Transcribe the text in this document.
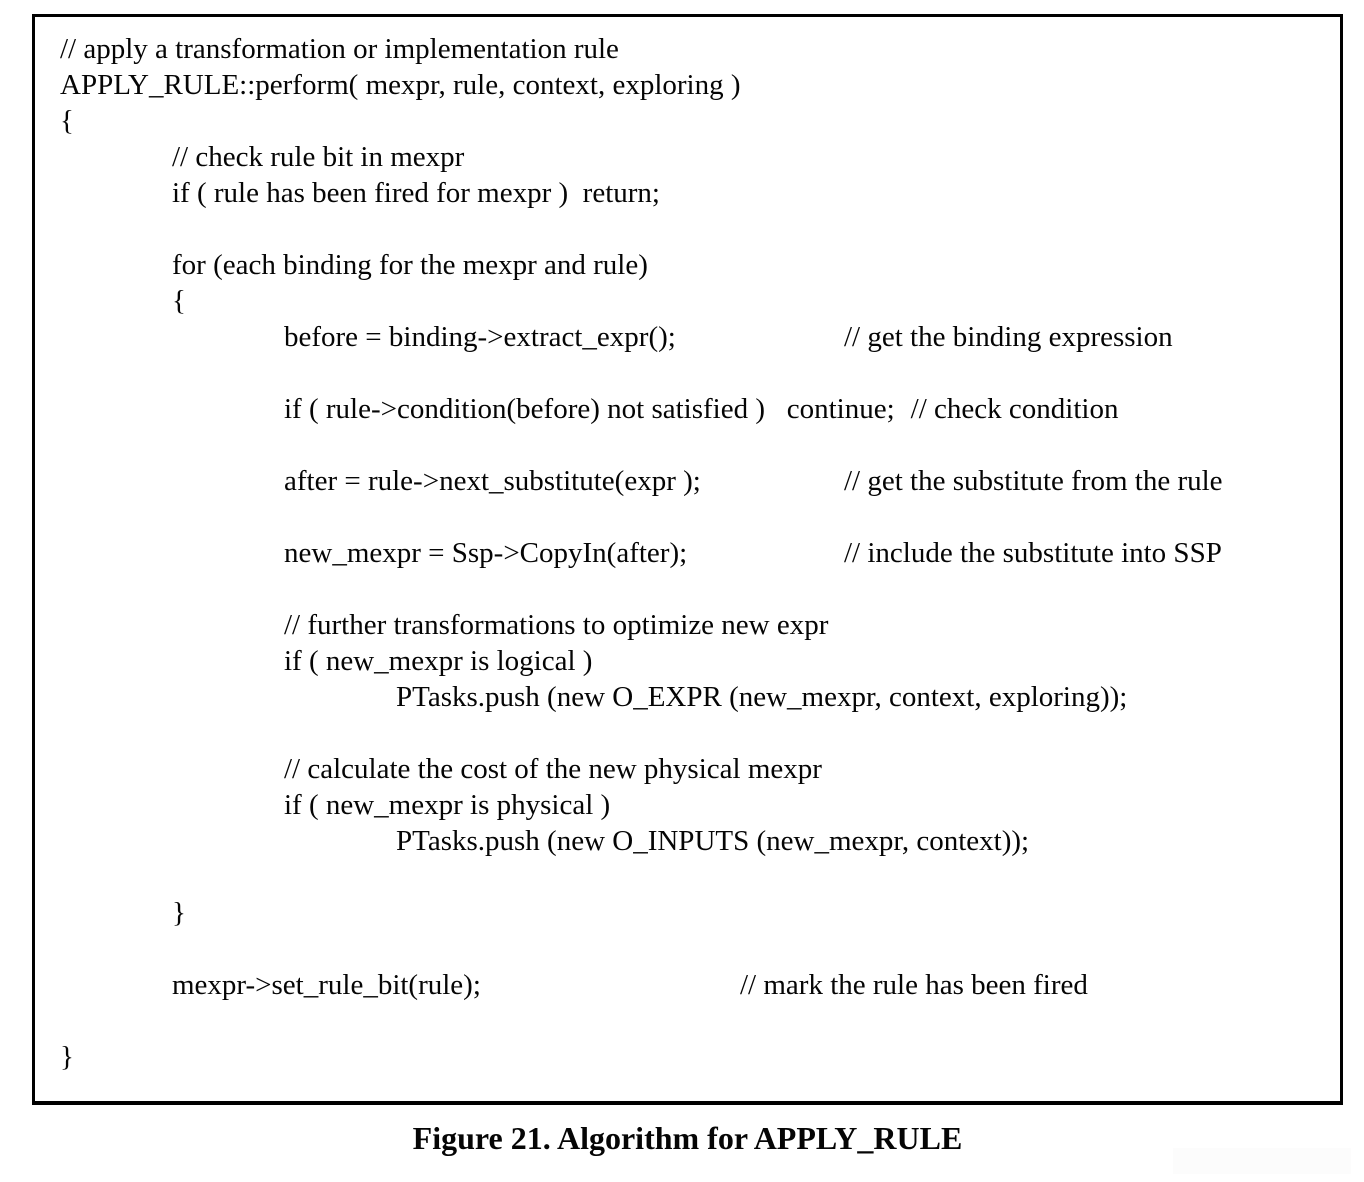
// apply a transformation or implementation rule
APPLY_RULE::perform( mexpr, rule, context, exploring )
{
// check rule bit in mexpr
if ( rule has been fired for mexpr )  return;
for (each binding for the mexpr and rule)
{
before = binding->extract_expr();	// get the binding expression
if ( rule->condition(before) not satisfied )   continue; // check condition
after = rule->next_substitute(expr );	// get the substitute from the rule
new_mexpr = Ssp->CopyIn(after);	// include the substitute into SSP
// further transformations to optimize new expr
if ( new_mexpr is logical )
PTasks.push (new O_EXPR (new_mexpr, context, exploring));
// calculate the cost of the new physical mexpr
if ( new_mexpr is physical )
PTasks.push (new O_INPUTS (new_mexpr, context));
}
mexpr->set_rule_bit(rule);	// mark the rule has been fired
}
Figure 21. Algorithm for APPLY_RULE
